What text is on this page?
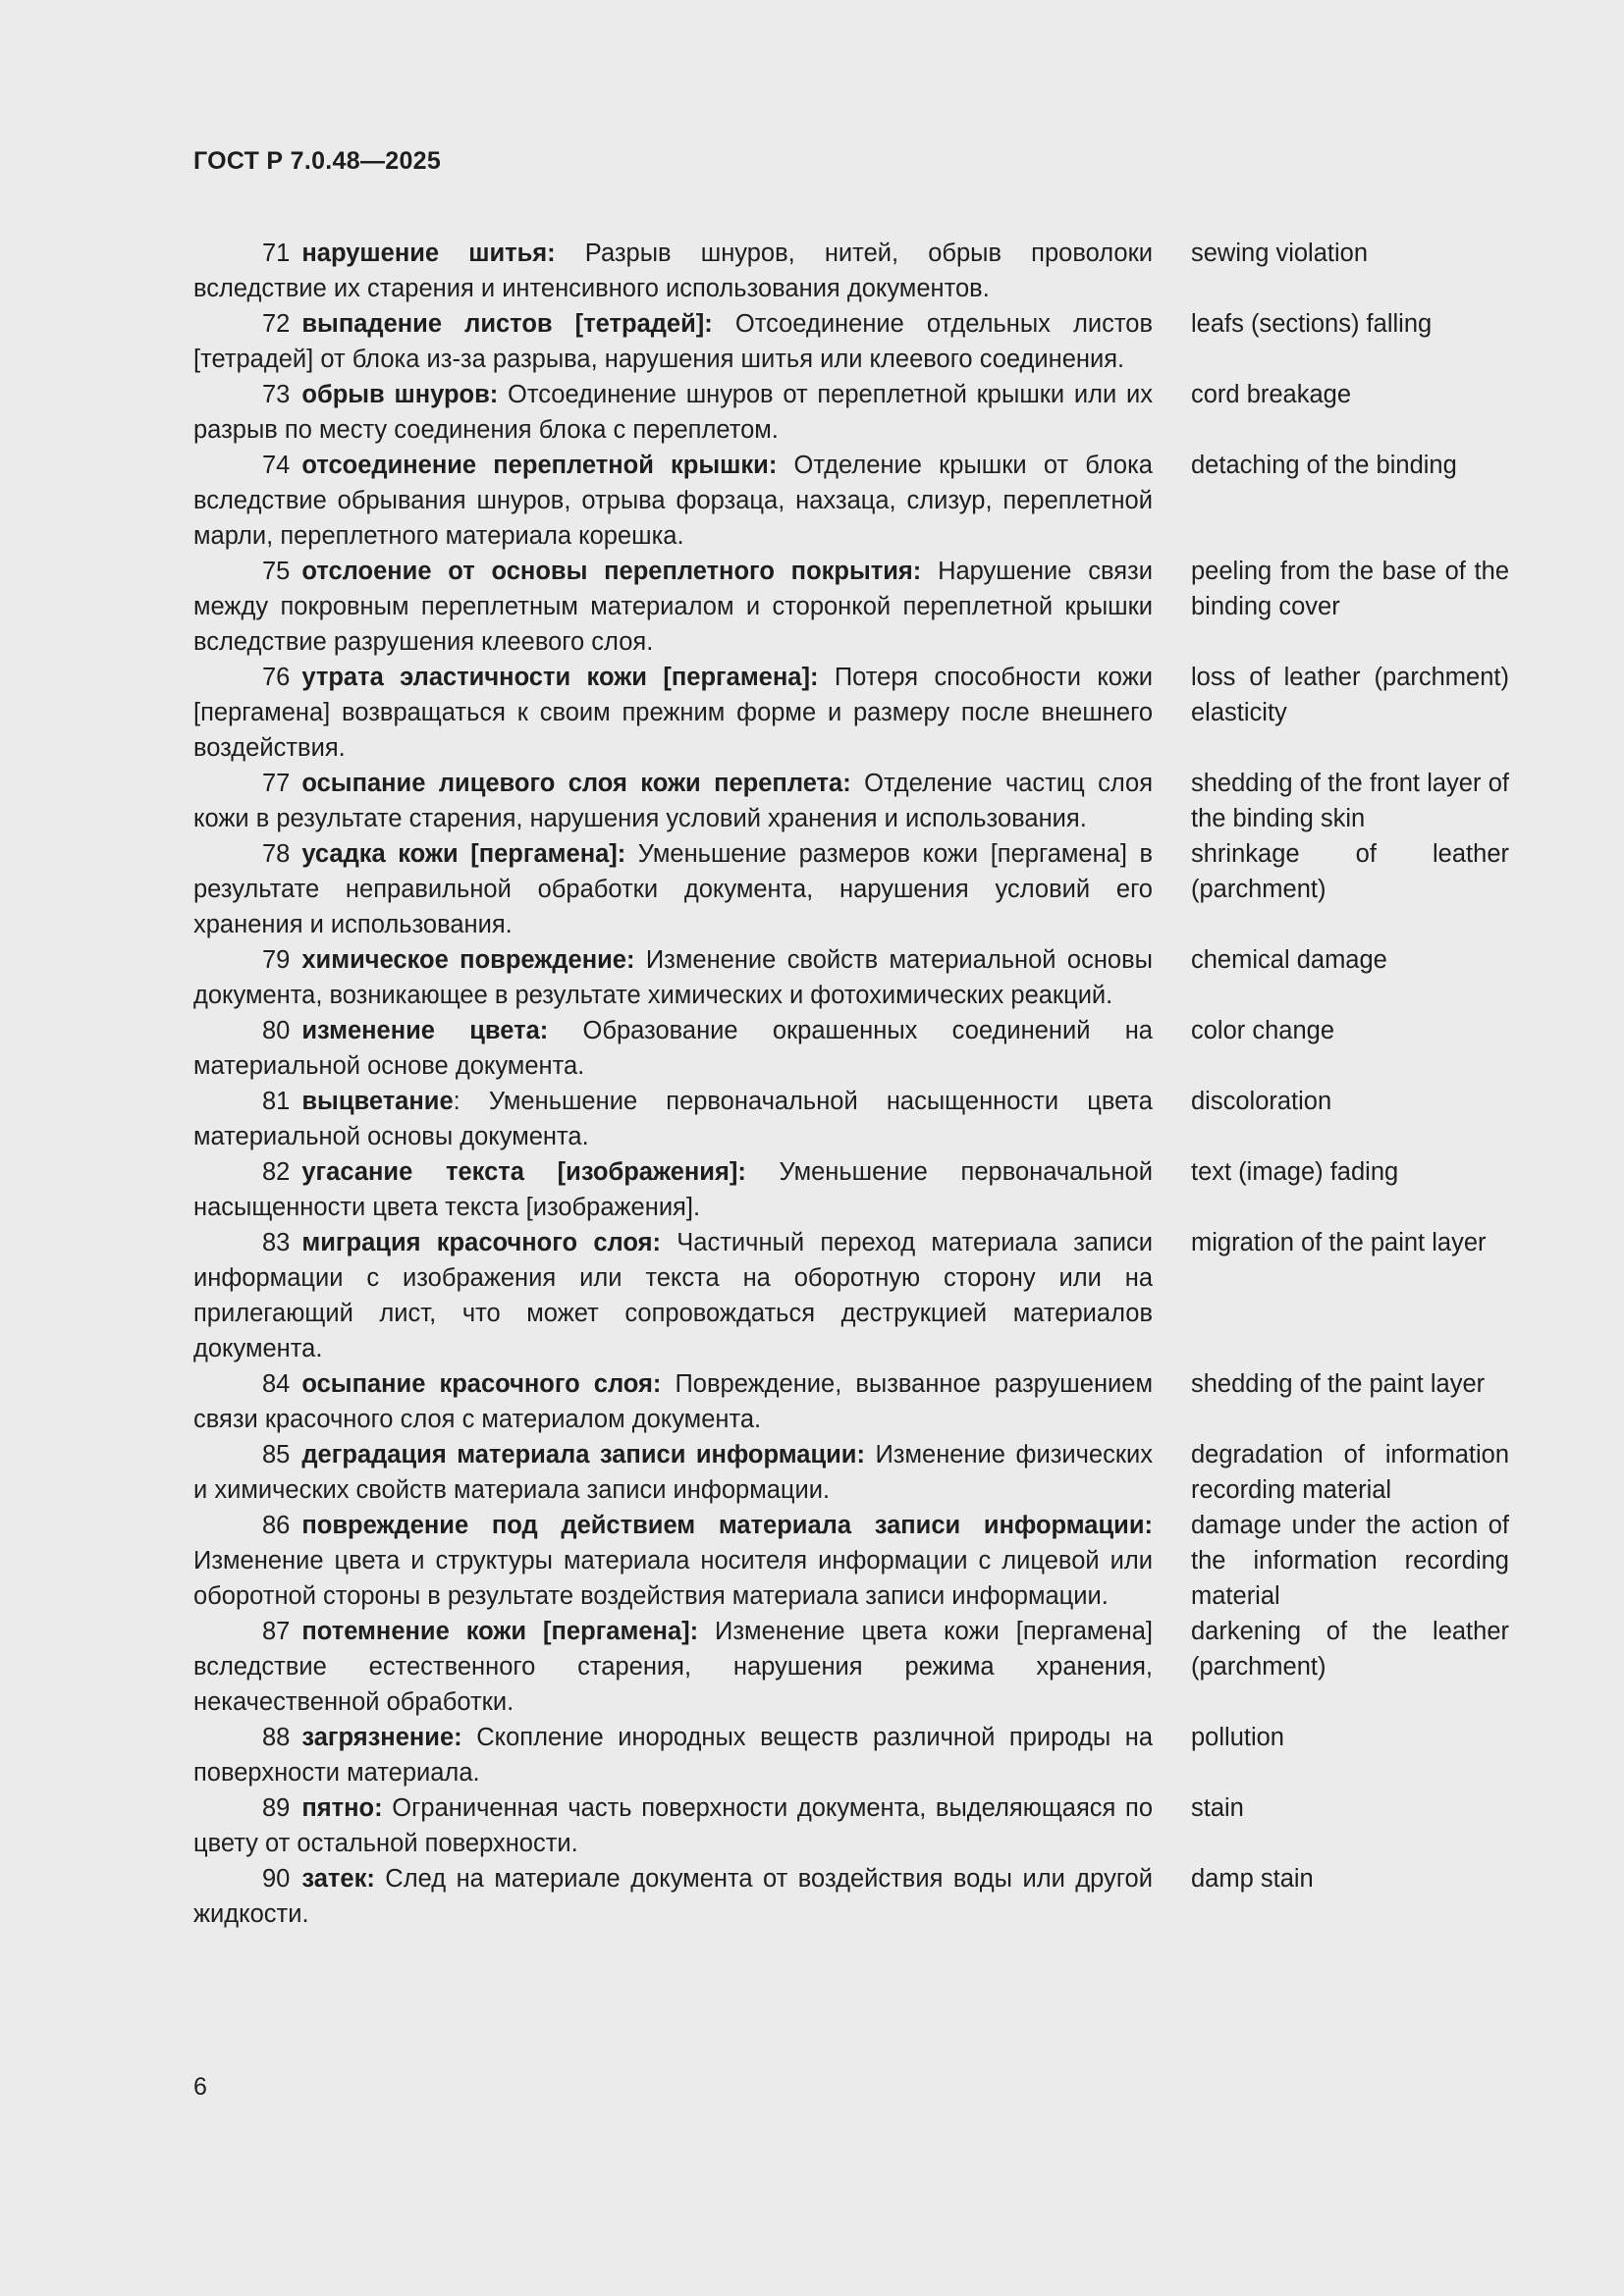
ГОСТ Р 7.0.48—2025
71 нарушение шитья: Разрыв шнуров, нитей, обрыв проволоки вследствие их старения и интенсивного использования документов.
sewing violation
72 выпадение листов [тетрадей]: Отсоединение отдельных листов [тетрадей] от блока из-за разрыва, нарушения шитья или клеевого соединения.
leafs (sections) falling
73 обрыв шнуров: Отсоединение шнуров от переплетной крышки или их разрыв по месту соединения блока с переплетом.
cord breakage
74 отсоединение переплетной крышки: Отделение крышки от блока вследствие обрывания шнуров, отрыва форзаца, нахзаца, слизур, переплетной марли, переплетного материала корешка.
detaching of the binding
75 отслоение от основы переплетного покрытия: Нарушение связи между покровным переплетным материалом и сторонкой переплетной крышки вследствие разрушения клеевого слоя.
peeling from the base of the binding cover
76 утрата эластичности кожи [пергамена]: Потеря способности кожи [пергамена] возвращаться к своим прежним форме и размеру после внешнего воздействия.
loss of leather (parchment) elasticity
77 осыпание лицевого слоя кожи переплета: Отделение частиц слоя кожи в результате старения, нарушения условий хранения и использования.
shedding of the front layer of the binding skin
78 усадка кожи [пергамена]: Уменьшение размеров кожи [пергамена] в результате неправильной обработки документа, нарушения условий его хранения и использования.
shrinkage of leather (parchment)
79 химическое повреждение: Изменение свойств материальной основы документа, возникающее в результате химических и фотохимических реакций.
chemical damage
80 изменение цвета: Образование окрашенных соединений на материальной основе документа.
color change
81 выцветание: Уменьшение первоначальной насыщенности цвета материальной основы документа.
discoloration
82 угасание текста [изображения]: Уменьшение первоначальной насыщенности цвета текста [изображения].
text (image) fading
83 миграция красочного слоя: Частичный переход материала записи информации с изображения или текста на оборотную сторону или на прилегающий лист, что может сопровождаться деструкцией материалов документа.
migration of the paint layer
84 осыпание красочного слоя: Повреждение, вызванное разрушением связи красочного слоя с материалом документа.
shedding of the paint layer
85 деградация материала записи информации: Изменение физических и химических свойств материала записи информации.
degradation of information recording material
86 повреждение под действием материала записи информации: Изменение цвета и структуры материала носителя информации с лицевой или оборотной стороны в результате воздействия материала записи информации.
damage under the action of the information recording material
87 потемнение кожи [пергамена]: Изменение цвета кожи [пергамена] вследствие естественного старения, нарушения режима хранения, некачественной обработки.
darkening of the leather (parchment)
88 загрязнение: Скопление инородных веществ различной природы на поверхности материала.
pollution
89 пятно: Ограниченная часть поверхности документа, выделяющаяся по цвету от остальной поверхности.
stain
90 затек: След на материале документа от воздействия воды или другой жидкости.
damp stain
6
